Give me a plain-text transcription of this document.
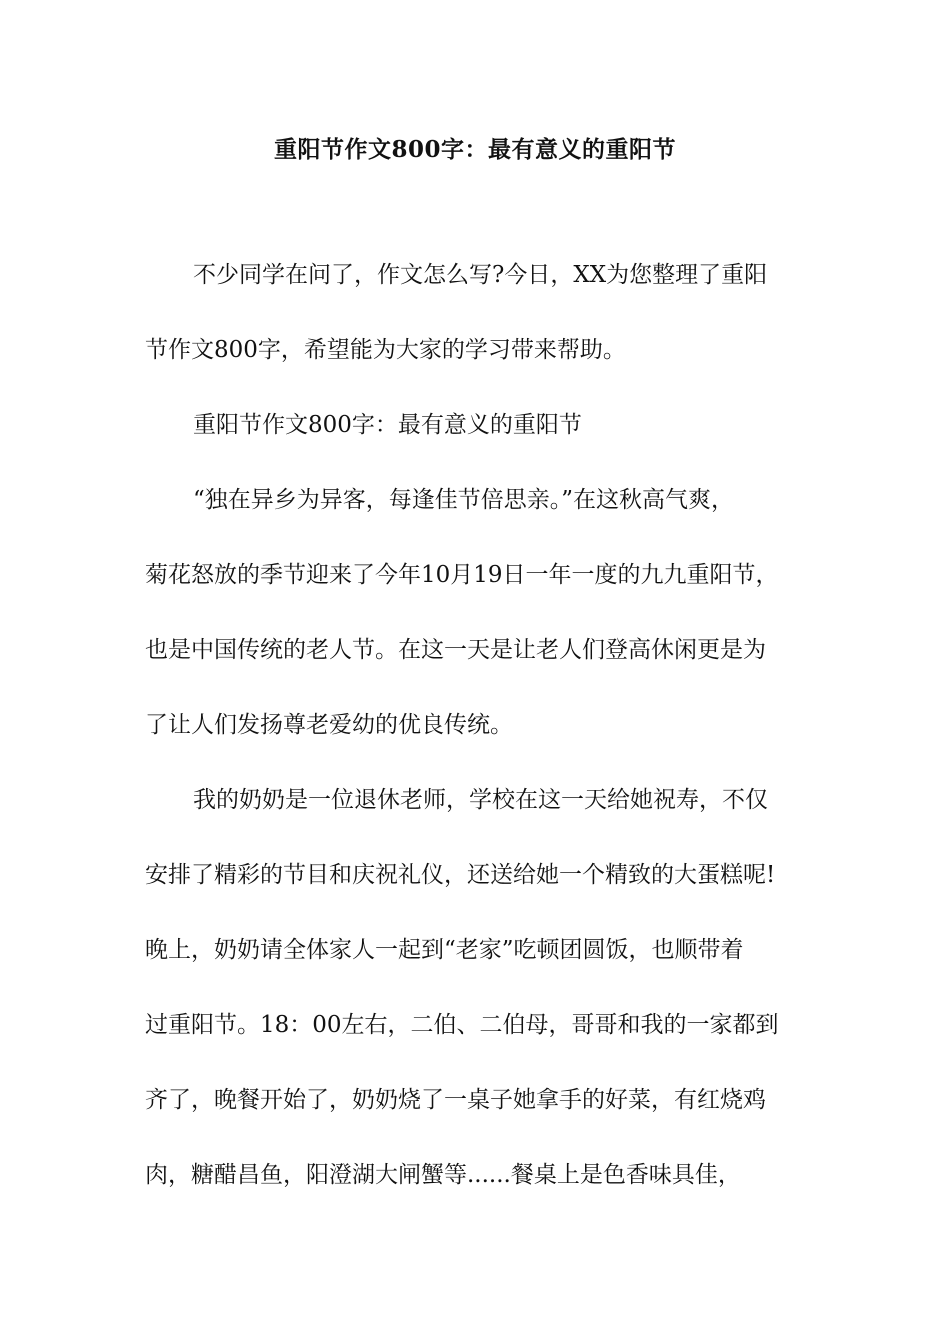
重阳节作文800字：最有意义的重阳节
不少同学在问了，作文怎么写?今日，XX为您整理了重阳
节作文800字，希望能为大家的学习带来帮助。
重阳节作文800字：最有意义的重阳节
“独在异乡为异客，每逢佳节倍思亲。”在这秋高气爽，
菊花怒放的季节迎来了今年10月19日一年一度的九九重阳节，
也是中国传统的老人节。在这一天是让老人们登高休闲更是为
了让人们发扬尊老爱幼的优良传统。
我的奶奶是一位退休老师，学校在这一天给她祝寿，不仅
安排了精彩的节目和庆祝礼仪，还送给她一个精致的大蛋糕呢!
晚上，奶奶请全体家人一起到“老家”吃顿团圆饭，也顺带着
过重阳节。18：00左右，二伯、二伯母，哥哥和我的一家都到
齐了，晚餐开始了，奶奶烧了一桌子她拿手的好菜，有红烧鸡
肉，糖醋昌鱼，阳澄湖大闸蟹等......餐桌上是色香味具佳，
